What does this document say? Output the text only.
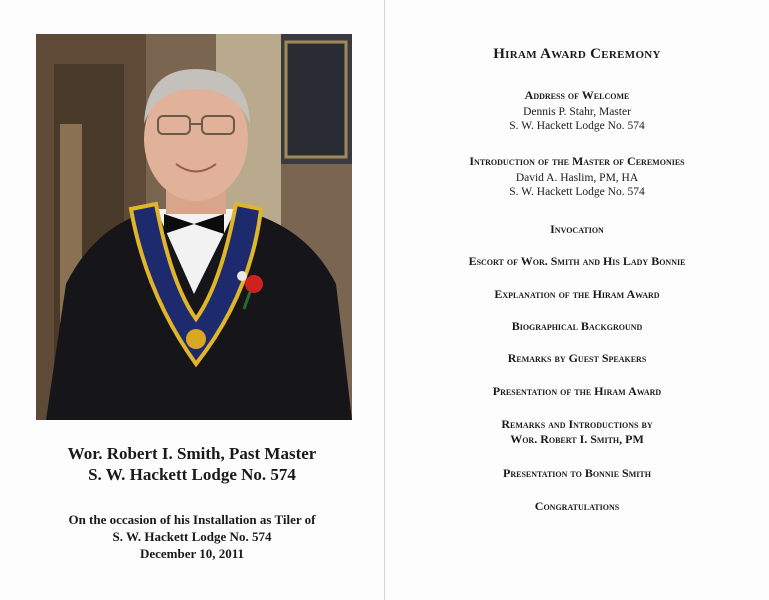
Wor. Robert I. Smith, Past Master
S. W. Hackett Lodge No. 574
On the occasion of his Installation as Tiler of
S. W. Hackett Lodge No. 574
December 10, 2011
Hiram Award Ceremony
Address of Welcome
Dennis P. Stahr, Master
S. W. Hackett Lodge No. 574
Introduction of the Master of Ceremonies
David A. Haslim, PM, HA
S. W. Hackett Lodge No. 574
Invocation
Escort of Wor. Smith and His Lady Bonnie
Explanation of the Hiram Award
Biographical Background
Remarks by Guest Speakers
Presentation of the Hiram Award
Remarks and Introductions by
Wor. Robert I. Smith, PM
Presentation to Bonnie Smith
Congratulations
